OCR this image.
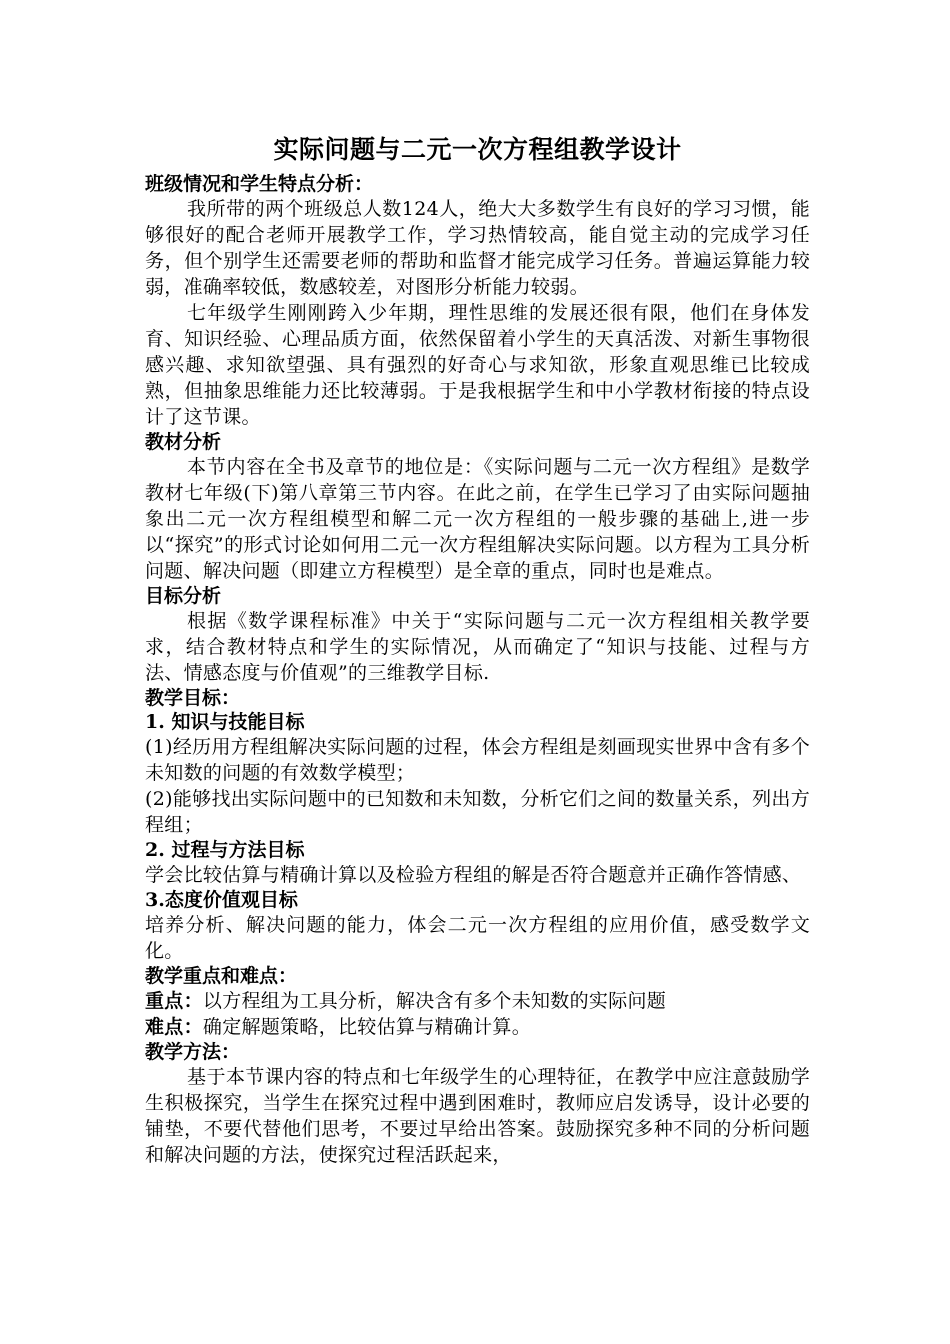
实际问题与二元一次方程组教学设计

班级情况和学生特点分析：

我所带的两个班级总人数124人，绝大大多数学生有良好的学习习惯，能够很好的配合老师开展教学工作，学习热情较高，能自觉主动的完成学习任务，但个别学生还需要老师的帮助和监督才能完成学习任务。普遍运算能力较弱，准确率较低，数感较差，对图形分析能力较弱。

七年级学生刚刚跨入少年期，理性思维的发展还很有限，他们在身体发育、知识经验、心理品质方面，依然保留着小学生的天真活泼、对新生事物很感兴趣、求知欲望强、具有强烈的好奇心与求知欲，形象直观思维已比较成熟，但抽象思维能力还比较薄弱。于是我根据学生和中小学教材衔接的特点设计了这节课。

教材分析

本节内容在全书及章节的地位是：《实际问题与二元一次方程组》是数学教材七年级(下)第八章第三节内容。在此之前，在学生已学习了由实际问题抽象出二元一次方程组模型和解二元一次方程组的一般步骤的基础上,进一步以“探究”的形式讨论如何用二元一次方程组解决实际问题。以方程为工具分析问题、解决问题（即建立方程模型）是全章的重点，同时也是难点。

目标分析

根据《数学课程标准》中关于“实际问题与二元一次方程组相关教学要求，结合教材特点和学生的实际情况，从而确定了“知识与技能、过程与方法、情感态度与价值观”的三维教学目标.

教学目标：

1. 知识与技能目标

(1)经历用方程组解决实际问题的过程，体会方程组是刻画现实世界中含有多个未知数的问题的有效数学模型；

(2)能够找出实际问题中的已知数和未知数，分析它们之间的数量关系，列出方程组；

2. 过程与方法目标

学会比较估算与精确计算以及检验方程组的解是否符合题意并正确作答情感、

3.态度价值观目标

培养分析、解决问题的能力，体会二元一次方程组的应用价值，感受数学文化。

教学重点和难点：

重点：以方程组为工具分析，解决含有多个未知数的实际问题

难点：确定解题策略，比较估算与精确计算。

教学方法：

基于本节课内容的特点和七年级学生的心理特征，在教学中应注意鼓励学生积极探究，当学生在探究过程中遇到困难时，教师应启发诱导，设计必要的铺垫，不要代替他们思考，不要过早给出答案。鼓励探究多种不同的分析问题和解决问题的方法，使探究过程活跃起来，
